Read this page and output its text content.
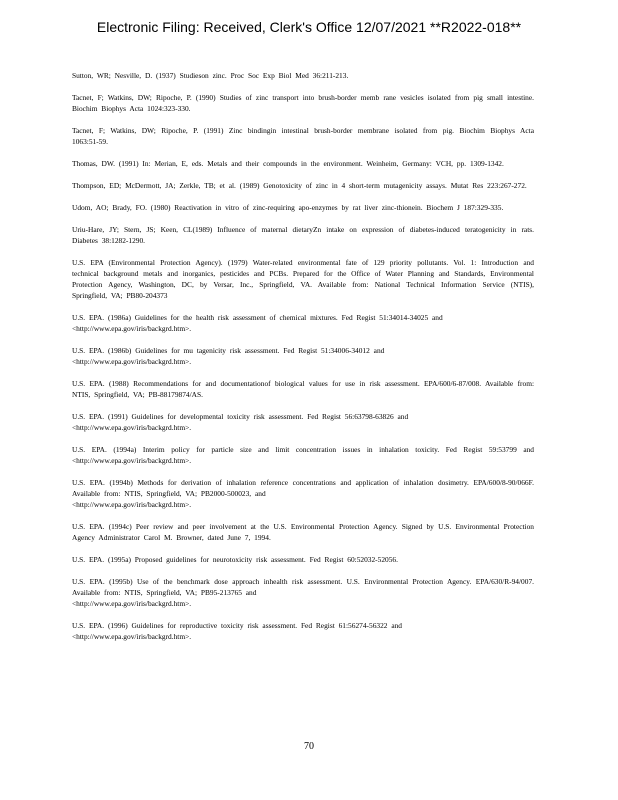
Electronic Filing: Received, Clerk's Office 12/07/2021 **R2022-018**
Sutton, WR; Nesville, D. (1937) Studieson zinc. Proc Soc Exp Biol Med 36:211-213.
Tacnet, F; Watkins, DW; Ripoche, P. (1990) Studies of zinc transport into brush-border memb rane vesicles isolated from pig small intestine. Biochim Biophys Acta 1024:323-330.
Tacnet, F; Watkins, DW; Ripoche, P. (1991) Zinc bindingin intestinal brush-border membrane isolated from pig. Biochim Biophys Acta 1063:51-59.
Thomas, DW. (1991) In: Merian, E, eds. Metals and their compounds in the environment. Weinheim, Germany: VCH, pp. 1309-1342.
Thompson, ED; McDermott, JA; Zerkle, TB; et al. (1989) Genotoxicity of zinc in 4 short-term mutagenicity assays. Mutat Res 223:267-272.
Udom, AO; Brady, FO. (1980) Reactivation in vitro of zinc-requiring apo-enzymes by rat liver zinc-thionein. Biochem J 187:329-335.
Uriu-Hare, JY; Stern, JS; Keen, CL(1989) Influence of maternal dietaryZn intake on expression of diabetes-induced teratogenicity in rats. Diabetes 38:1282-1290.
U.S. EPA (Environmental Protection Agency). (1979) Water-related environmental fate of 129 priority pollutants. Vol. 1: Introduction and technical background metals and inorganics, pesticides and PCBs. Prepared for the Office of Water Planning and Standards, Environmental Protection Agency, Washington, DC, by Versar, Inc., Springfield, VA. Available from: National Technical Information Service (NTIS), Springfield, VA; PB80-204373
U.S. EPA. (1986a) Guidelines for the health risk assessment of chemical mixtures. Fed Regist 51:34014-34025 and
<http://www.epa.gov/iris/backgrd.htm>.
U.S. EPA. (1986b) Guidelines for mu tagenicity risk assessment. Fed Regist 51:34006-34012 and
<http://www.epa.gov/iris/backgrd.htm>.
U.S. EPA. (1988) Recommendations for and documentationof biological values for use in risk assessment. EPA/600/6-87/008. Available from: NTIS, Springfield, VA; PB-88179874/AS.
U.S. EPA. (1991) Guidelines for developmental toxicity risk assessment. Fed Regist 56:63798-63826 and
<http://www.epa.gov/iris/backgrd.htm>.
U.S. EPA. (1994a) Interim policy for particle size and limit concentration issues in inhalation toxicity. Fed Regist 59:53799 and <http://www.epa.gov/iris/backgrd.htm>.
U.S. EPA. (1994b) Methods for derivation of inhalation reference concentrations and application of inhalation dosimetry. EPA/600/8-90/066F. Available from: NTIS, Springfield, VA; PB2000-500023, and
<http://www.epa.gov/iris/backgrd.htm>.
U.S. EPA. (1994c) Peer review and peer involvement at the U.S. Environmental Protection Agency. Signed by U.S. Environmental Protection Agency Administrator Carol M. Browner, dated June 7, 1994.
U.S. EPA. (1995a) Proposed guidelines for neurotoxicity risk assessment. Fed Regist 60:52032-52056.
U.S. EPA. (1995b) Use of the benchmark dose approach inhealth risk assessment. U.S. Environmental Protection Agency. EPA/630/R-94/007. Available from: NTIS, Springfield, VA; PB95-213765 and
<http://www.epa.gov/iris/backgrd.htm>.
U.S. EPA. (1996) Guidelines for reproductive toxicity risk assessment. Fed Regist 61:56274-56322 and
<http://www.epa.gov/iris/backgrd.htm>.
70
